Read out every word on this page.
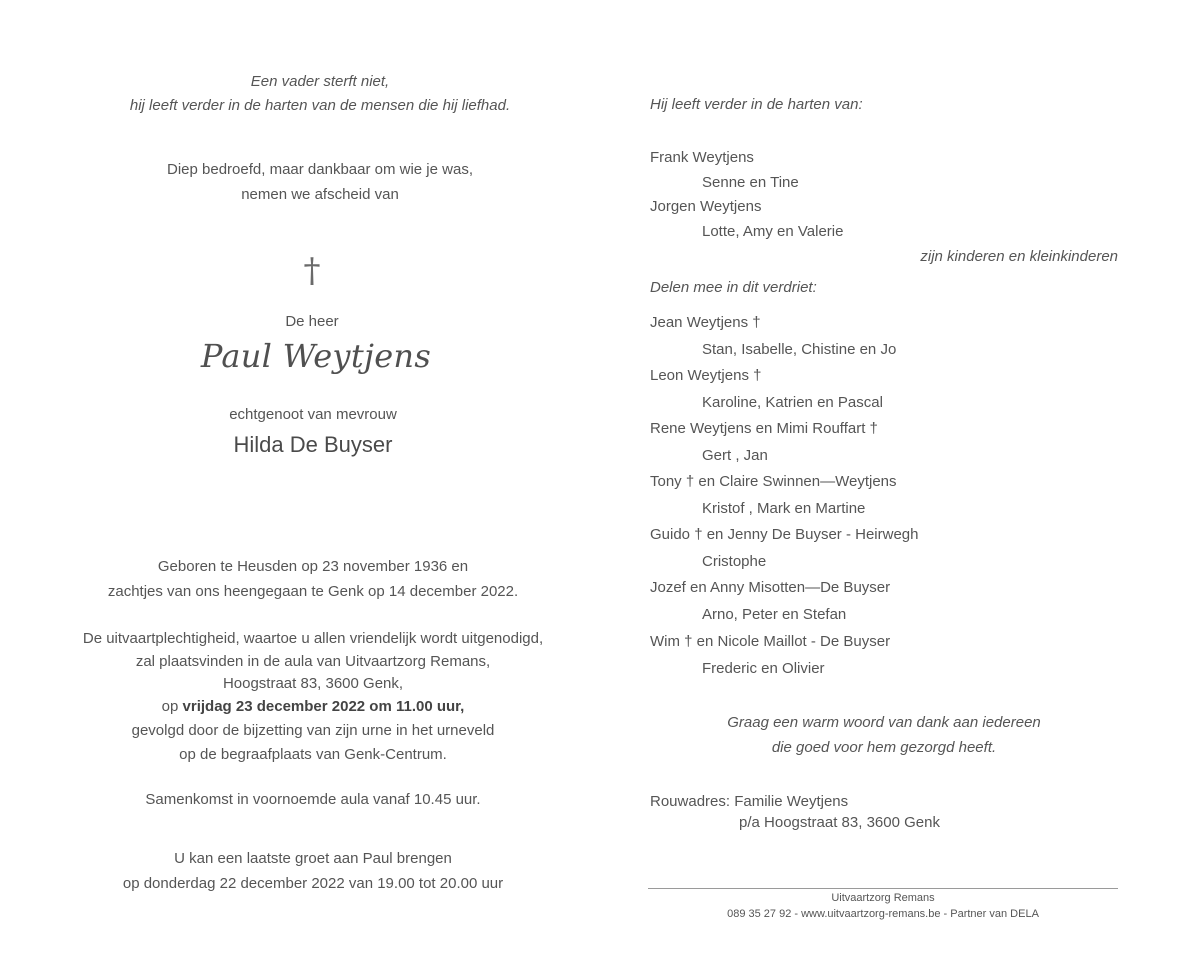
Een vader sterft niet,
hij leeft verder in de harten van de mensen die hij liefhad.
Diep bedroefd, maar dankbaar om wie je was,
nemen we afscheid van
†
De heer
Paul Weytjens
echtgenoot van mevrouw
Hilda De Buyser
Geboren te Heusden op 23 november 1936 en
zachtjes van ons heengegaan te Genk op 14 december 2022.
De uitvaartplechtigheid, waartoe u allen vriendelijk wordt uitgenodigd,
zal plaatsvinden in de aula van Uitvaartzorg Remans,
Hoogstraat 83, 3600 Genk,
op vrijdag 23 december 2022 om 11.00 uur,
gevolgd door de bijzetting van zijn urne in het urneveld
op de begraafplaats van Genk-Centrum.
Samenkomst in voornoemde aula vanaf 10.45 uur.
U kan een laatste groet aan Paul brengen
op donderdag 22 december 2022 van 19.00 tot 20.00 uur
Hij leeft verder in de harten van:
Frank Weytjens
Senne en Tine
Jorgen Weytjens
Lotte, Amy en Valerie
zijn kinderen en kleinkinderen
Delen mee in dit verdriet:
Jean Weytjens †
Stan, Isabelle, Chistine en Jo
Leon Weytjens †
Karoline, Katrien en Pascal
Rene Weytjens en Mimi Rouffart †
Gert , Jan
Tony † en Claire Swinnen—Weytjens
Kristof , Mark en Martine
Guido † en Jenny De Buyser - Heirwegh
Cristophe
Jozef en Anny Misotten—De Buyser
Arno, Peter en Stefan
Wim † en Nicole Maillot - De Buyser
Frederic en Olivier
Graag een warm woord van dank aan iedereen
die goed voor hem gezorgd heeft.
Rouwadres: Familie Weytjens
p/a Hoogstraat 83, 3600 Genk
Uitvaartzorg Remans
089 35 27 92 - www.uitvaartzorg-remans.be - Partner van DELA
